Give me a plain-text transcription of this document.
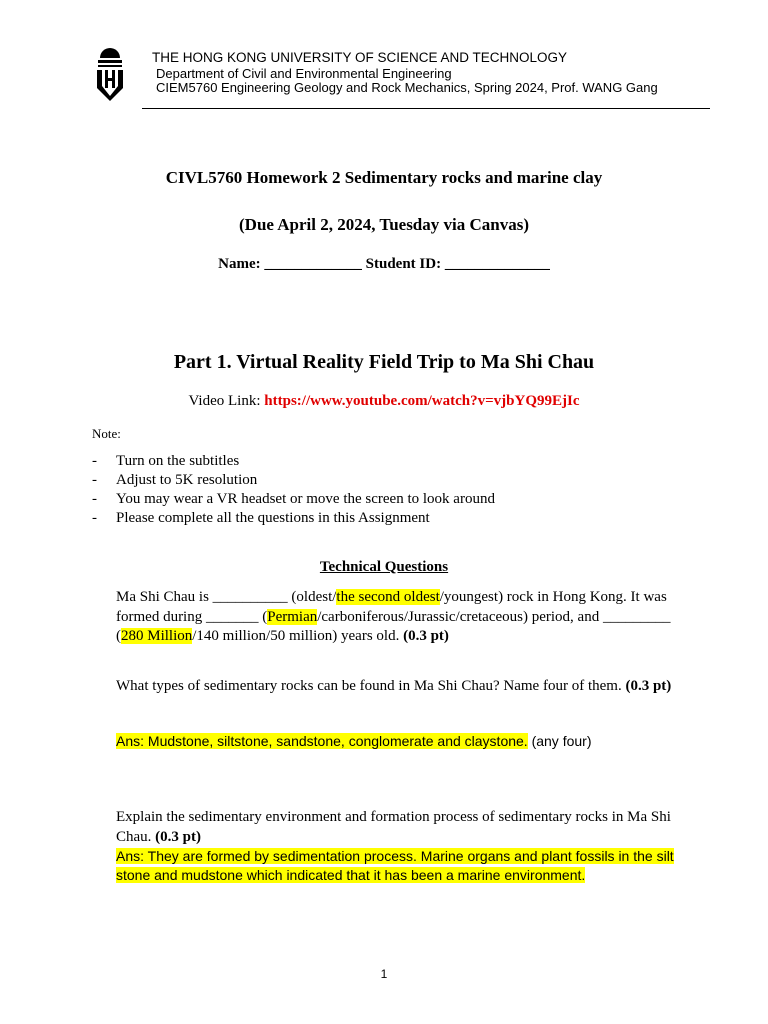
THE HONG KONG UNIVERSITY OF SCIENCE AND TECHNOLOGY
Department of Civil and Environmental Engineering
CIEM5760 Engineering Geology and Rock Mechanics, Spring 2024, Prof. WANG Gang
CIVL5760 Homework 2 Sedimentary rocks and marine clay
(Due April 2, 2024, Tuesday via Canvas)
Name: _____________ Student ID: ______________
Part 1. Virtual Reality Field Trip to Ma Shi Chau
Video Link: https://www.youtube.com/watch?v=vjbYQ99EjIc
Note:
- Turn on the subtitles
- Adjust to 5K resolution
- You may wear a VR headset or move the screen to look around
- Please complete all the questions in this Assignment
Technical Questions
Ma Shi Chau is __________ (oldest/the second oldest/youngest) rock in Hong Kong. It was formed during _______ (Permian/carboniferous/Jurassic/cretaceous) period, and _________ (280 Million/140 million/50 million) years old. (0.3 pt)
What types of sedimentary rocks can be found in Ma Shi Chau? Name four of them. (0.3 pt)
Ans: Mudstone, siltstone, sandstone, conglomerate and claystone. (any four)
Explain the sedimentary environment and formation process of sedimentary rocks in Ma Shi Chau. (0.3 pt)
Ans: They are formed by sedimentation process. Marine organs and plant fossils in the silt stone and mudstone which indicated that it has been a marine environment.
1
